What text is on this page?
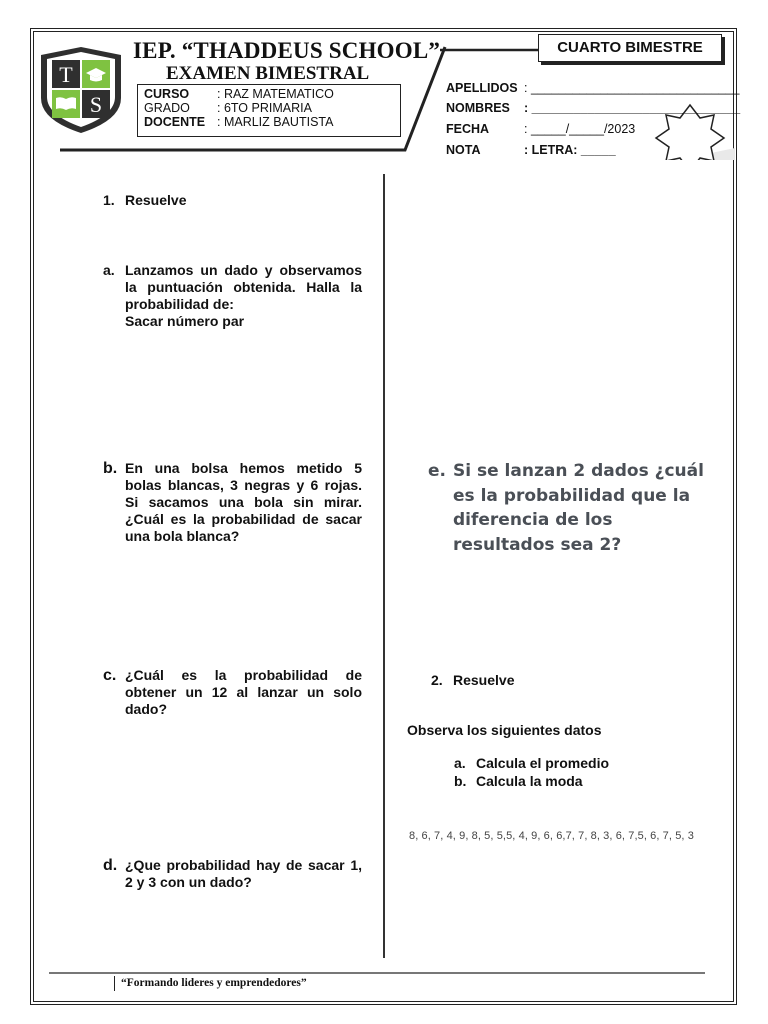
T
S
IEP. “THADDEUS SCHOOL”
EXAMEN BIMESTRAL
CUARTO BIMESTRE
CURSO : RAZ MATEMATICO
GRADO : 6TO PRIMARIA
DOCENTE : MARLIZ BAUTISTA
APELLIDOS : ______________________________
NOMBRES : ______________________________
FECHA	: _____/_____/2023
NOTA	: LETRA: _____
1. Resuelve
a. Lanzamos un dado y observamos la puntuación obtenida. Halla la probabilidad de:
Sacar número par
b. En una bolsa hemos metido 5 bolas blancas, 3 negras y 6 rojas. Si sacamos una bola sin mirar. ¿Cuál es la probabilidad de sacar una bola blanca?
c. ¿Cuál es la probabilidad de obtener un 12 al lanzar un solo dado?
d. ¿Que probabilidad hay de sacar 1, 2 y 3 con un dado?
e. Si se lanzan 2 dados ¿cuál es la probabilidad que la diferencia de los resultados sea 2?
2. Resuelve
Observa los siguientes datos
a. Calcula el promedio
b. Calcula la moda
8, 6, 7, 4, 9, 8, 5, 5,5, 4, 9, 6, 6,7, 7, 8, 3, 6, 7,5, 6, 7, 5, 3
“Formando lideres y emprendedores”
